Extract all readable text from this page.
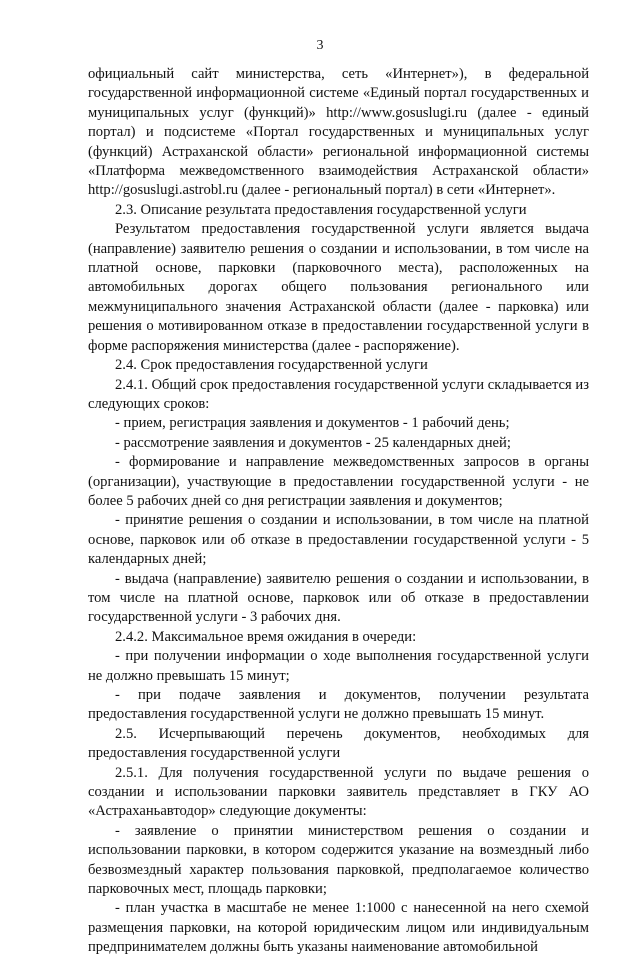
3

официальный сайт министерства, сеть «Интернет»), в федеральной государственной информационной системе «Единый портал государственных и муниципальных услуг (функций)» http://www.gosuslugi.ru (далее - единый портал) и подсистеме «Портал государственных и муниципальных услуг (функций) Астраханской области» региональной информационной системы «Платформа межведомственного взаимодействия Астраханской области» http://gosuslugi.astrobl.ru (далее - региональный портал) в сети «Интернет».

2.3. Описание результата предоставления государственной услуги

Результатом предоставления государственной услуги является выдача (направление) заявителю решения о создании и использовании, в том числе на платной основе, парковки (парковочного места), расположенных на автомобильных дорогах общего пользования регионального или межмуниципального значения Астраханской области (далее - парковка) или решения о мотивированном отказе в предоставлении государственной услуги в форме распоряжения министерства (далее - распоряжение).

2.4. Срок предоставления государственной услуги

2.4.1. Общий срок предоставления государственной услуги складывается из следующих сроков:

- прием, регистрация заявления и документов - 1 рабочий день;

- рассмотрение заявления и документов - 25 календарных дней;

- формирование и направление межведомственных запросов в органы (организации), участвующие в предоставлении государственной услуги - не более 5 рабочих дней со дня регистрации заявления и документов;

- принятие решения о создании и использовании, в том числе на платной основе, парковок или об отказе в предоставлении государственной услуги - 5 календарных дней;

- выдача (направление) заявителю решения о создании и использовании, в том числе на платной основе, парковок или об отказе в предоставлении государственной услуги - 3 рабочих дня.

2.4.2. Максимальное время ожидания в очереди:

- при получении информации о ходе выполнения государственной услуги не должно превышать 15 минут;

- при подаче заявления и документов, получении результата предоставления государственной услуги не должно превышать 15 минут.

2.5. Исчерпывающий перечень документов, необходимых для предоставления государственной услуги

2.5.1. Для получения государственной услуги по выдаче решения о создании и использовании парковки заявитель представляет в ГКУ АО «Астраханьавтодор» следующие документы:

- заявление о принятии министерством решения о создании и использовании парковки, в котором содержится указание на возмездный либо безвозмездный характер пользования парковкой, предполагаемое количество парковочных мест, площадь парковки;

- план участка в масштабе не менее 1:1000 с нанесенной на него схемой размещения парковки, на которой юридическим лицом или индивидуальным предпринимателем должны быть указаны наименование автомобильной
